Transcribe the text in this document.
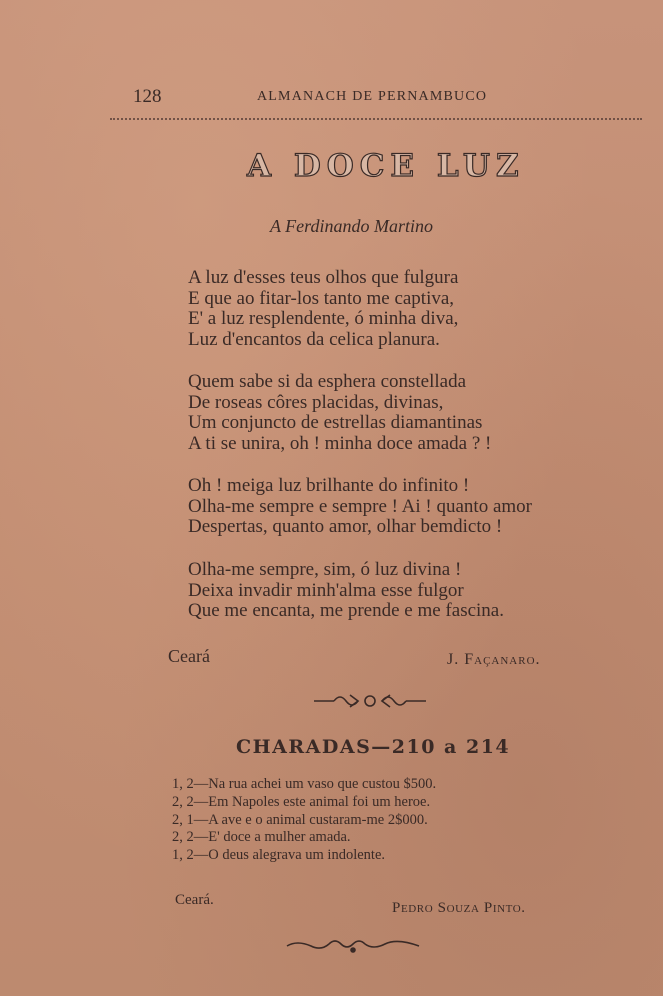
128	ALMANACH DE PERNAMBUCO
A DOCE LUZ
A Ferdinando Martino
A luz d'esses teus olhos que fulgura
E que ao fitar-los tanto me captiva,
E' a luz resplendente, ó minha diva,
Luz d'encantos da celica planura.
Quem sabe si da esphera constellada
De roseas côres placidas, divinas,
Um conjuncto de estrellas diamantinas
A ti se unira, oh ! minha doce amada ? !
Oh ! meiga luz brilhante do infinito !
Olha-me sempre e sempre ! Ai ! quanto amor
Despertas, quanto amor, olhar bemdicto !
Olha-me sempre, sim, ó luz divina !
Deixa invadir minh'alma esse fulgor
Que me encanta, me prende e me fascina.
Ceará	J. Façanaro.
CHARADAS—210 a 214
1, 2—Na rua achei um vaso que custou $500.
2, 2—Em Napoles este animal foi um heroe.
2, 1—A ave e o animal custaram-me 2$000.
2, 2—E' doce a mulher amada.
1, 2—O deus alegrava um indolente.
Ceará.	Pedro Souza Pinto.
